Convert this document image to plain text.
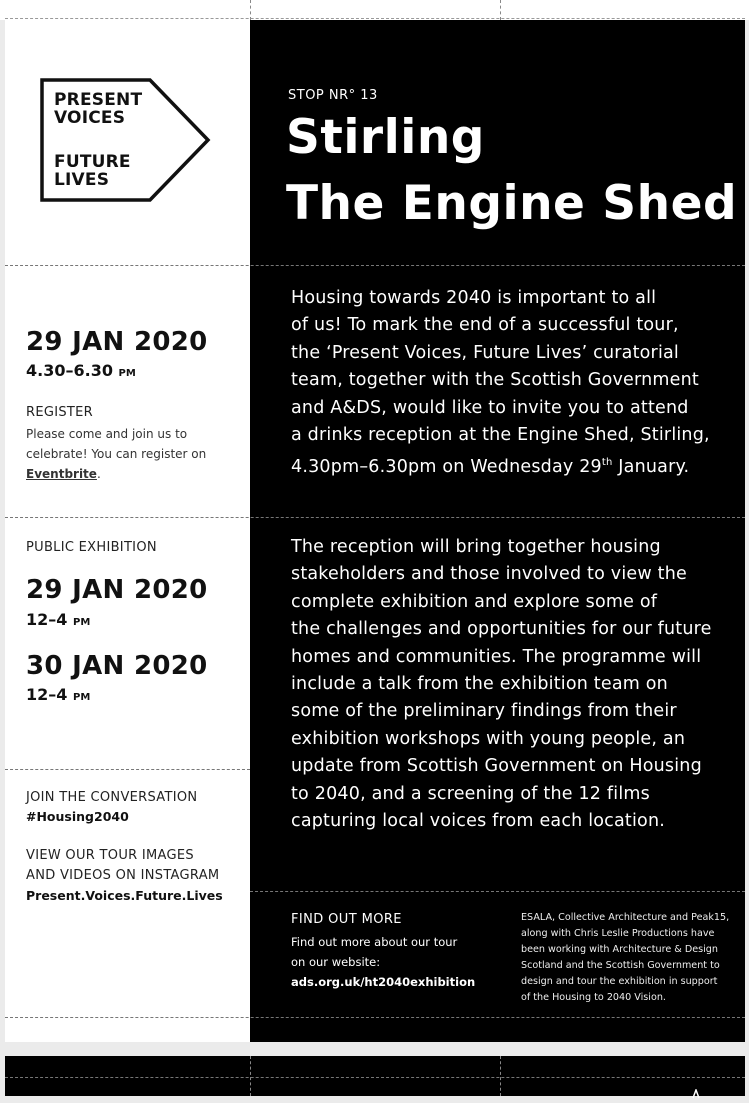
PRESENT
VOICES
FUTURE
LIVES
STOP NR° 13
Stirling
The Engine Shed
29 JAN 2020
4.30–6.30 PM
REGISTER
Please come and join us to
celebrate! You can register on
Eventbrite.
Housing towards 2040 is important to all
of us! To mark the end of a successful tour,
the ‘Present Voices, Future Lives’ curatorial
team, together with the Scottish Government
and A&DS, would like to invite you to attend
a drinks reception at the Engine Shed, Stirling,
4.30pm–6.30pm on Wednesday 29th January.
PUBLIC EXHIBITION
29 JAN 2020
12–4 PM
30 JAN 2020
12–4 PM
The reception will bring together housing
stakeholders and those involved to view the
complete exhibition and explore some of
the challenges and opportunities for our future
homes and communities. The programme will
include a talk from the exhibition team on
some of the preliminary findings from their
exhibition workshops with young people, an
update from Scottish Government on Housing
to 2040, and a screening of the 12 films
capturing local voices from each location.
JOIN THE CONVERSATION
#Housing2040
VIEW OUR TOUR IMAGES
AND VIDEOS ON INSTAGRAM
Present.Voices.Future.Lives
FIND OUT MORE
Find out more about our tour
on our website:
ads.org.uk/ht2040exhibition
ESALA, Collective Architecture and Peak15,
along with Chris Leslie Productions have
been working with Architecture & Design
Scotland and the Scottish Government to
design and tour the exhibition in support
of the Housing to 2040 Vision.
